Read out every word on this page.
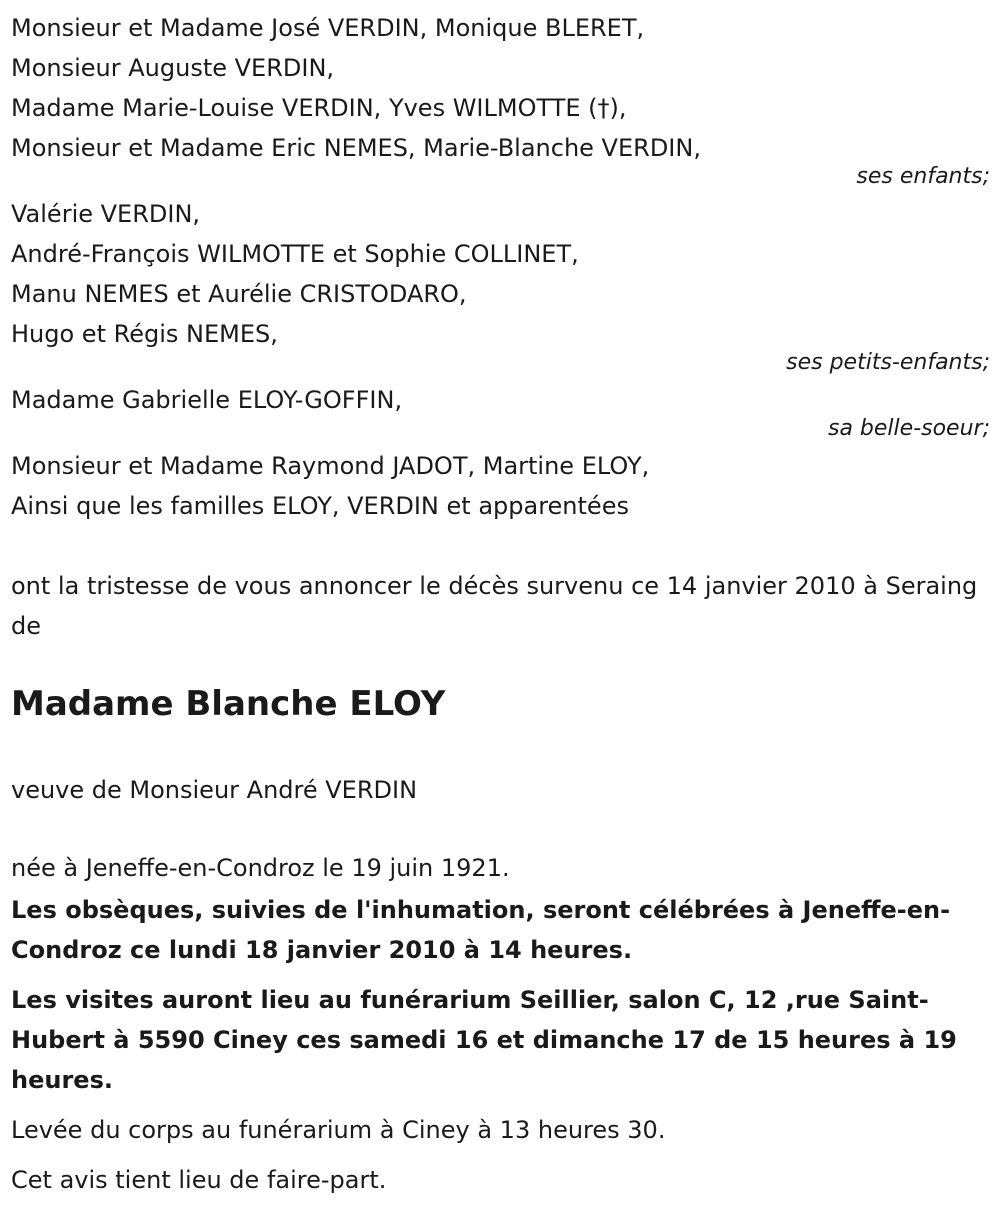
Monsieur et Madame José VERDIN, Monique BLERET,
Monsieur Auguste VERDIN,
Madame Marie-Louise VERDIN, Yves WILMOTTE (†),
Monsieur et Madame Eric NEMES, Marie-Blanche VERDIN,
ses enfants;
Valérie VERDIN,
André-François WILMOTTE et Sophie COLLINET,
Manu NEMES et Aurélie CRISTODARO,
Hugo et Régis NEMES,
ses petits-enfants;
Madame Gabrielle ELOY-GOFFIN,
sa belle-soeur;
Monsieur et Madame Raymond JADOT, Martine ELOY,
Ainsi que les familles ELOY, VERDIN et apparentées
ont la tristesse de vous annoncer le décès survenu ce 14 janvier 2010 à Seraing de
Madame Blanche ELOY
veuve de Monsieur André VERDIN
née à Jeneffe-en-Condroz le 19 juin 1921.
Les obsèques, suivies de l'inhumation, seront célébrées à Jeneffe-en-Condroz ce lundi 18 janvier 2010 à 14 heures.
Les visites auront lieu au funérarium Seillier, salon C, 12 ,rue Saint-Hubert à 5590 Ciney ces samedi 16 et dimanche 17 de 15 heures à 19 heures.
Levée du corps au funérarium à Ciney à 13 heures 30.
Cet avis tient lieu de faire-part.
